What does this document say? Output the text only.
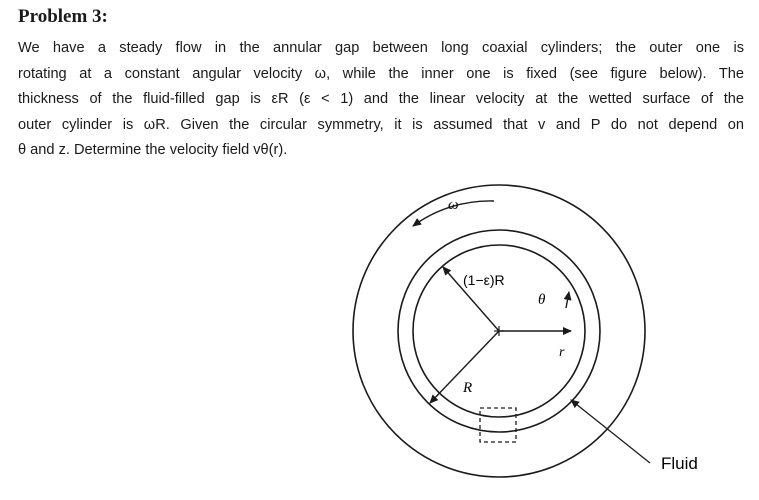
Problem 3:
We have a steady flow in the annular gap between long coaxial cylinders; the outer one is
rotating at a constant angular velocity ω, while the inner one is fixed (see figure below). The
thickness of the fluid-filled gap is εR (ε < 1) and the linear velocity at the wetted surface of the
outer cylinder is ωR. Given the circular symmetry, it is assumed that v and P do not depend on
θ and z. Determine the velocity field vθ(r).
ω
(1−ε)R
R
r
θ
Fluid
